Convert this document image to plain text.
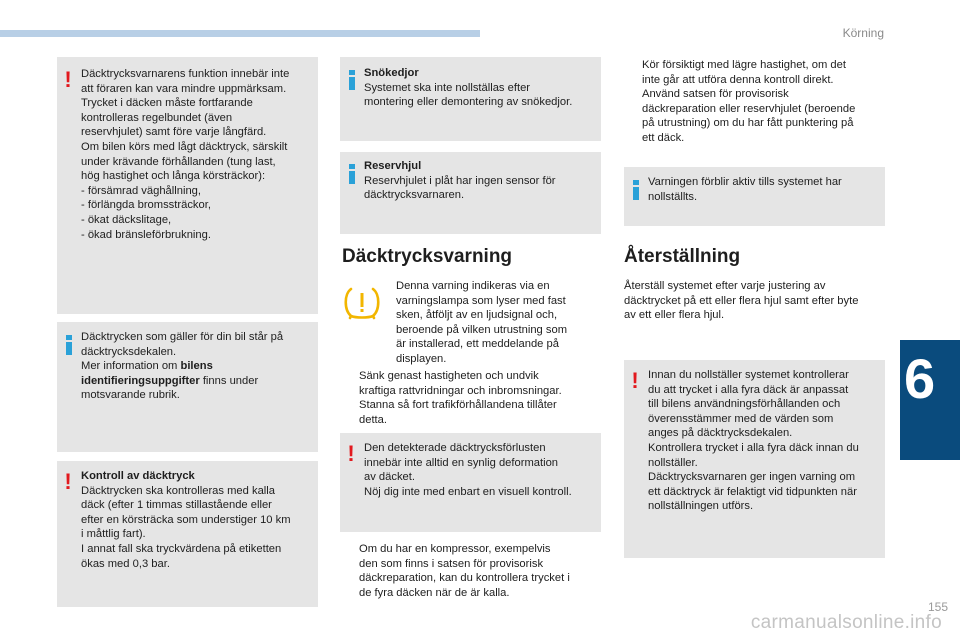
Körning
6
carmanualsonline.info
155
! Däcktrycksvarnarens funktion innebär inte

att föraren kan vara mindre uppmärksam.

Trycket i däcken måste fortfarande

kontrolleras regelbundet (även

reservhjulet) samt före varje långfärd.

Om bilen körs med lågt däcktryck, särskilt

under krävande förhållanden (tung last,

hög hastighet och långa körsträckor):

- försämrad väghållning,

- förlängda bromssträckor,

- ökat däckslitage,

- ökad bränsleförbrukning.

Däcktrycken som gäller för din bil står på

däcktrycksdekalen.

Mer information om bilens

identifieringsuppgifter finns under

motsvarande rubrik.

! Kontroll av däcktryck

Däcktrycken ska kontrolleras med kalla

däck (efter 1 timmas stillastående eller

efter en körsträcka som understiger 10 km

i måttlig fart).

I annat fall ska tryckvärdena på etiketten

ökas med 0,3 bar.

Snökedjor

Systemet ska inte nollställas efter

montering eller demontering av snökedjor.

Reservhjul

Reservhjulet i plåt har ingen sensor för

däcktrycksvarnaren.

Däcktrycksvarning

Denna varning indikeras via en

varningslampa som lyser med fast

sken, åtföljt av en ljudsignal och,

beroende på vilken utrustning som

är installerad, ett meddelande på

displayen.

Sänk genast hastigheten och undvik
kraftiga rattvridningar och inbromsningar.
Stanna så fort trafikförhållandena tillåter
detta.
! Den detekterade däcktrycksförlusten

innebär inte alltid en synlig deformation

av däcket.

Nöj dig inte med enbart en visuell kontroll.

Om du har en kompressor, exempelvis
den som finns i satsen för provisorisk
däckreparation, kan du kontrollera trycket i
de fyra däcken när de är kalla.
Kör försiktigt med lägre hastighet, om det
inte går att utföra denna kontroll direkt.
Använd satsen för provisorisk
däckreparation eller reservhjulet (beroende
på utrustning) om du har fått punktering på
ett däck.

Varningen förblir aktiv tills systemet har

nollställts.

Återställning

Återställ systemet efter varje justering av

däcktrycket på ett eller flera hjul samt efter byte

av ett eller flera hjul.

! Innan du nollställer systemet kontrollerar

du att trycket i alla fyra däck är anpassat

till bilens användningsförhållanden och

överensstämmer med de värden som

anges på däcktrycksdekalen.

Kontrollera trycket i alla fyra däck innan du

nollställer.

Däcktrycksvarnaren ger ingen varning om

ett däcktryck är felaktigt vid tidpunkten när

nollställningen utförs.
